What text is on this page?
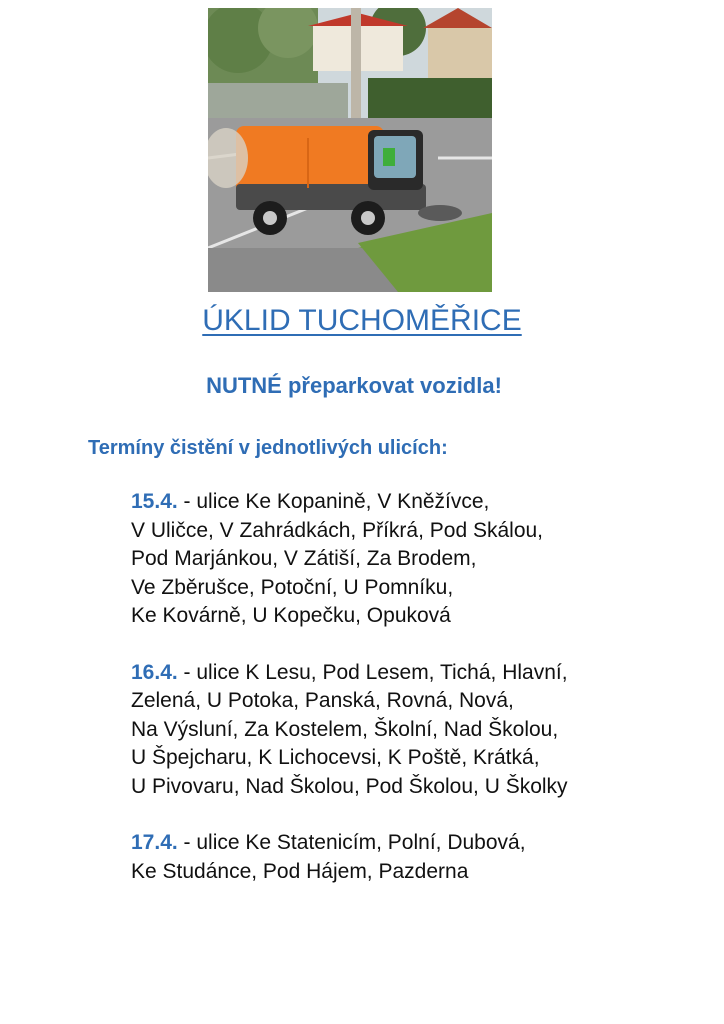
ÚKLID TUCHOMĚŘICE
NUTNÉ přeparkovat vozidla!
Termíny čistění v jednotlivých ulicích:
15.4. - ulice Ke Kopanině, V Kněžívce,
V Uličce, V Zahrádkách, Příkrá, Pod Skálou,
Pod Marjánkou, V Zátiší, Za Brodem,
Ve Zběrušce, Potoční, U Pomníku,
Ke Kovárně, U Kopečku, Opuková
16.4. - ulice K Lesu, Pod Lesem, Tichá, Hlavní,
Zelená, U Potoka, Panská, Rovná, Nová,
Na Výsluní, Za Kostelem, Školní, Nad Školou,
U Špejcharu, K Lichocevsi, K Poště, Krátká,
U Pivovaru, Nad Školou, Pod Školou, U Školky
17.4. - ulice Ke Statenicím, Polní, Dubová,
Ke Studánce, Pod Hájem, Pazderna
